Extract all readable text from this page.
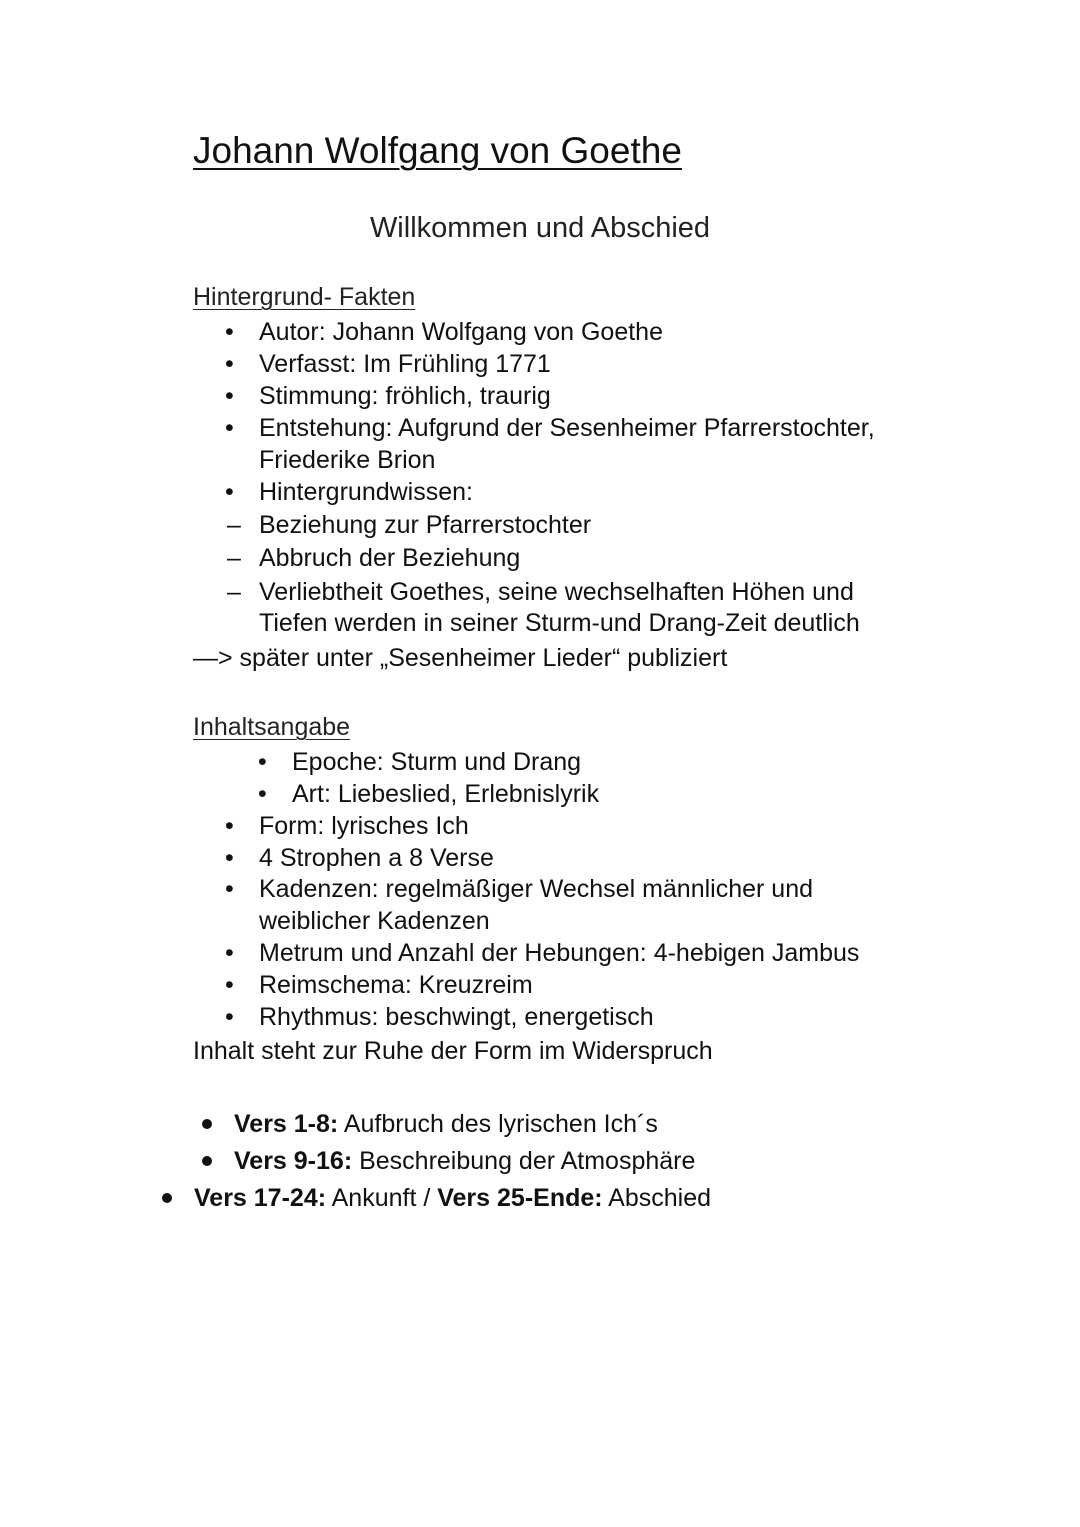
Johann Wolfgang von Goethe
Willkommen und Abschied
Hintergrund- Fakten
• Autor: Johann Wolfgang von Goethe
• Verfasst: Im Frühling 1771
• Stimmung: fröhlich, traurig
• Entstehung: Aufgrund der Sesenheimer Pfarrerstochter,
Friederike Brion
• Hintergrundwissen:
– Beziehung zur Pfarrerstochter
– Abbruch der Beziehung
– Verliebtheit Goethes, seine wechselhaften Höhen und
Tiefen werden in seiner Sturm-und Drang-Zeit deutlich
—> später unter „Sesenheimer Lieder“ publiziert
Inhaltsangabe
• Epoche: Sturm und Drang
• Art: Liebeslied, Erlebnislyrik
• Form: lyrisches Ich
• 4 Strophen a 8 Verse
• Kadenzen: regelmäßiger Wechsel männlicher und
weiblicher Kadenzen
• Metrum und Anzahl der Hebungen: 4-hebigen Jambus
• Reimschema: Kreuzreim
• Rhythmus: beschwingt, energetisch
Inhalt steht zur Ruhe der Form im Widerspruch
Vers 1-8: Aufbruch des lyrischen Ich´s
Vers 9-16: Beschreibung der Atmosphäre
Vers 17-24: Ankunft / Vers 25-Ende: Abschied
